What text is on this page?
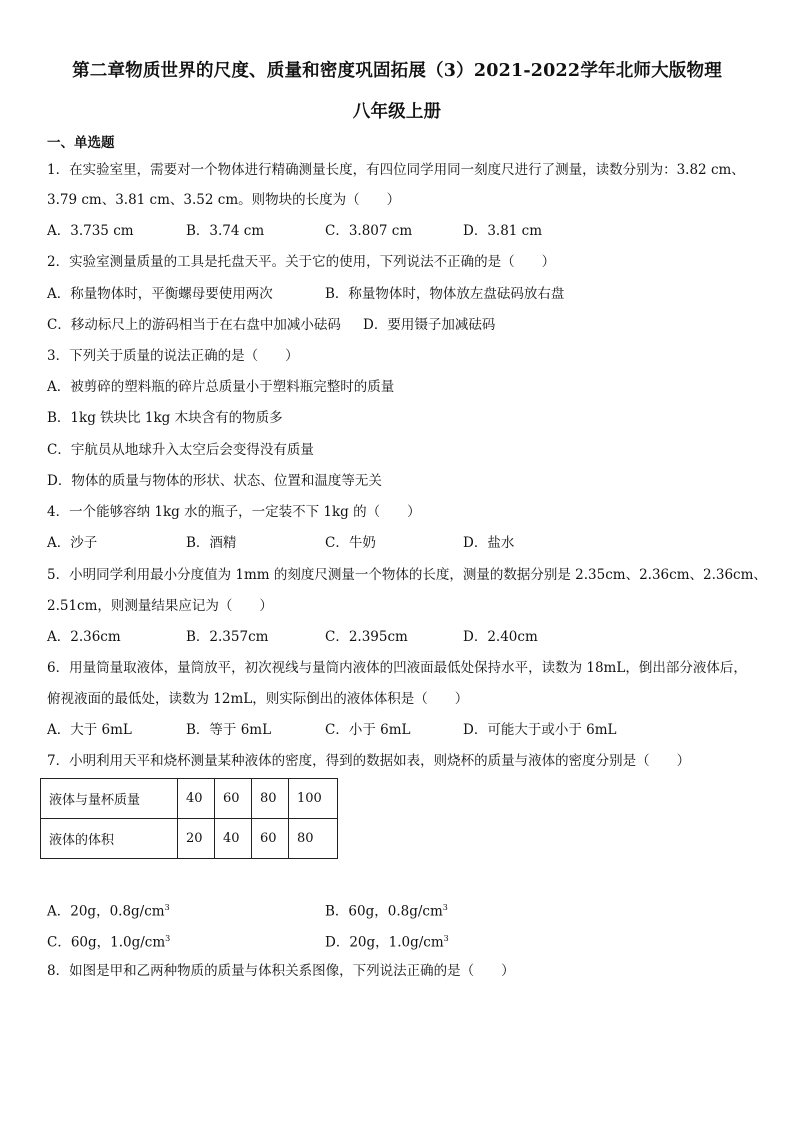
第二章物质世界的尺度、质量和密度巩固拓展（3）2021-2022学年北师大版物理
八年级上册
一、单选题
1．在实验室里，需要对一个物体进行精确测量长度，有四位同学用同一刻度尺进行了测量，读数分别为：3.82 cm、
3.79 cm、3.81 cm、3.52 cm。则物块的长度为（　　）
A．3.735 cm	B．3.74 cm	C．3.807 cm	D．3.81 cm
2．实验室测量质量的工具是托盘天平。关于它的使用，下列说法不正确的是（　　）
A．称量物体时，平衡螺母要使用两次	B．称量物体时，物体放左盘砝码放右盘
C．移动标尺上的游码相当于在右盘中加减小砝码 D．要用镊子加减砝码
3．下列关于质量的说法正确的是（　　）
A．被剪碎的塑料瓶的碎片总质量小于塑料瓶完整时的质量
B．1kg 铁块比 1kg 木块含有的物质多
C．宇航员从地球升入太空后会变得没有质量
D．物体的质量与物体的形状、状态、位置和温度等无关
4．一个能够容纳 1kg 水的瓶子，一定装不下 1kg 的（　　）
A．沙子	B．酒精	C．牛奶	D．盐水
5．小明同学利用最小分度值为 1mm 的刻度尺测量一个物体的长度，测量的数据分别是 2.35cm、2.36cm、2.36cm、
2.51cm，则测量结果应记为（　　）
A．2.36cm	B．2.357cm	C．2.395cm	D．2.40cm
6．用量筒量取液体，量筒放平，初次视线与量筒内液体的凹液面最低处保持水平，读数为 18mL，倒出部分液体后，
俯视液面的最低处，读数为 12mL，则实际倒出的液体体积是（　　）
A．大于 6mL	B．等于 6mL	C．小于 6mL	D．可能大于或小于 6mL
7．小明利用天平和烧杯测量某种液体的密度，得到的数据如表，则烧杯的质量与液体的密度分别是（　　）
液体与量杯质量	40	60	80	100
液体的体积	20	40	60	80
A．20g，$0.8g/cm^3$	B．60g，$0.8g/cm^3$
C．60g，$1.0g/cm^3$	D．20g，$1.0g/cm^3$
8．如图是甲和乙两种物质的质量与体积关系图像，下列说法正确的是（　　）
